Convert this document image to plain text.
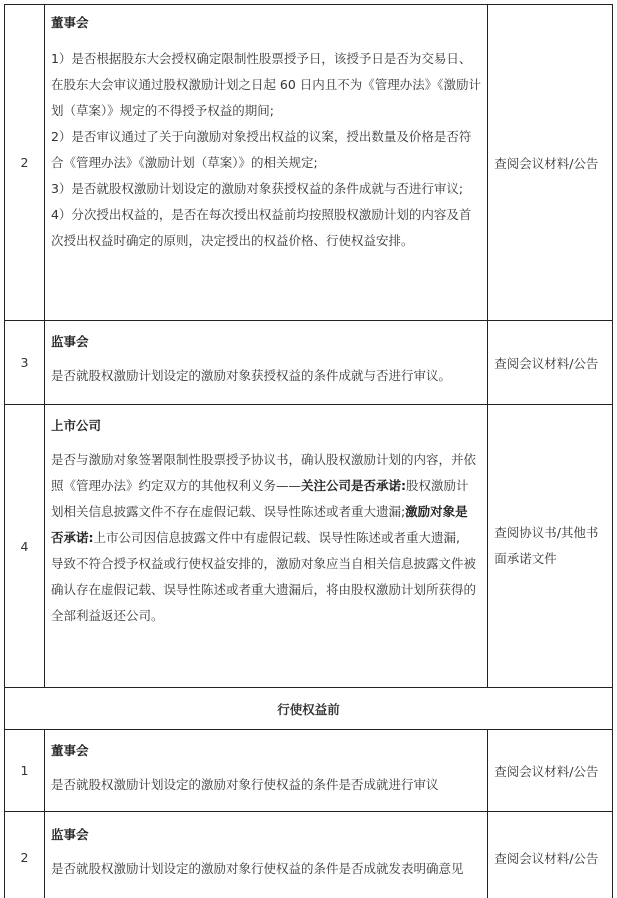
2
董事会
1）是否根据股东大会授权确定限制性股票授予日，该授予日是否为交易日、
在股东大会审议通过股权激励计划之日起 60 日内且不为《管理办法》《激励计
划（草案）》规定的不得授予权益的期间;
2）是否审议通过了关于向激励对象授出权益的议案，授出数量及价格是否符
合《管理办法》《激励计划（草案）》的相关规定;
3）是否就股权激励计划设定的激励对象获授权益的条件成就与否进行审议;
4）分次授出权益的，是否在每次授出权益前均按照股权激励计划的内容及首
次授出权益时确定的原则，决定授出的权益价格、行使权益安排。
查阅会议材料/公告
3
监事会
是否就股权激励计划设定的激励对象获授权益的条件成就与否进行审议。
查阅会议材料/公告
4
上市公司
是否与激励对象签署限制性股票授予协议书，确认股权激励计划的内容，并依
照《管理办法》约定双方的其他权利义务——关注公司是否承诺:股权激励计
划相关信息披露文件不存在虚假记载、误导性陈述或者重大遗漏;激励对象是
否承诺:上市公司因信息披露文件中有虚假记载、误导性陈述或者重大遗漏,
导致不符合授予权益或行使权益安排的，激励对象应当自相关信息披露文件被
确认存在虚假记载、误导性陈述或者重大遗漏后，将由股权激励计划所获得的
全部利益返还公司。
查阅协议书/其他书
面承诺文件
行使权益前
1
董事会
是否就股权激励计划设定的激励对象行使权益的条件是否成就进行审议
查阅会议材料/公告
2
监事会
是否就股权激励计划设定的激励对象行使权益的条件是否成就发表明确意见
查阅会议材料/公告
